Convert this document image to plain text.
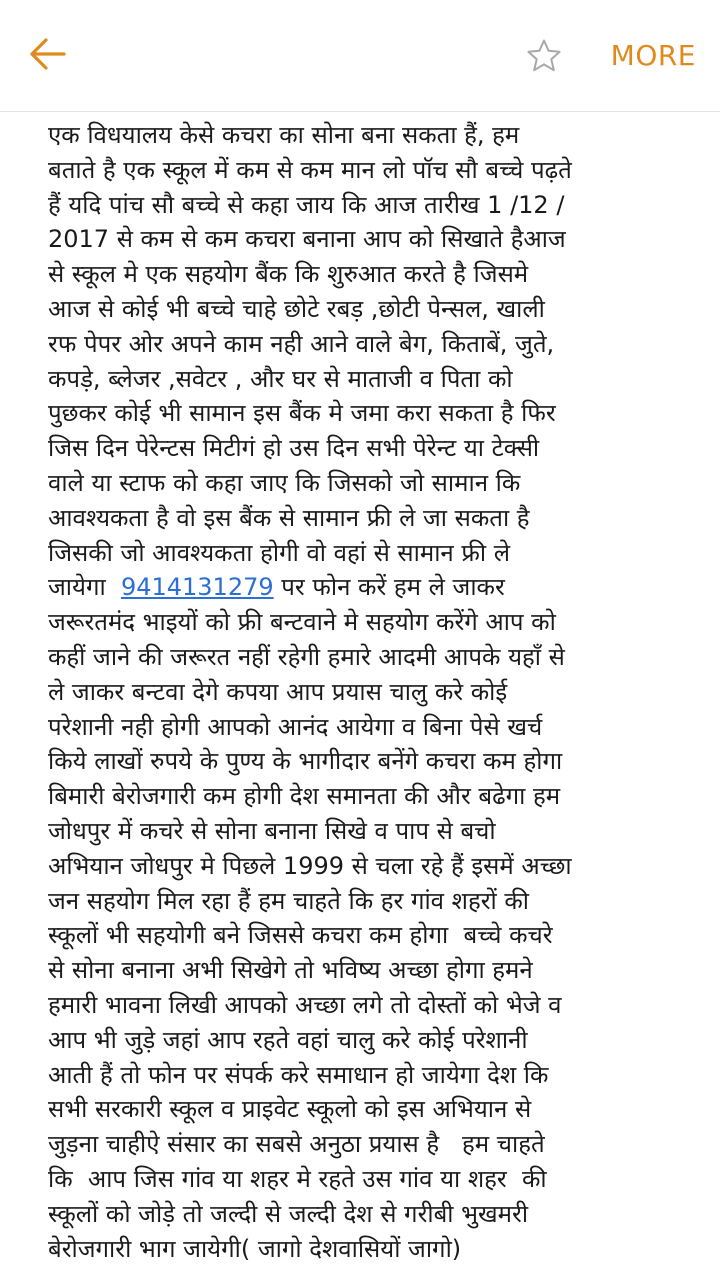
MORE
एक विधयालय केसे कचरा का सोना बना सकता हैं, हम
बताते है एक स्कूल में कम से कम मान लो पॉच सौ बच्चे पढ़ते
हैं यदि पांच सौ बच्चे से कहा जाय कि आज तारीख 1 /12 /
2017 से कम से कम कचरा बनाना आप को सिखाते हैआज
से स्कूल मे एक सहयोग बैंक कि शुरुआत करते है जिसमे
आज से कोई भी बच्चे चाहे छोटे रबड़ ,छोटी पेन्सल, खाली
रफ पेपर ओर अपने काम नही आने वाले बेग, किताबें, जुते,
कपड़े, ब्लेजर ,सवेटर , और घर से माताजी व पिता को
पुछकर कोई भी सामान इस बैंक मे जमा करा सकता है फिर
जिस दिन पेरेन्टस मिटीगं हो उस दिन सभी पेरेन्ट या टेक्सी
वाले या स्टाफ को कहा जाए कि जिसको जो सामान कि
आवश्यकता है वो इस बैंक से सामान फ्री ले जा सकता है
जिसकी जो आवश्यकता होगी वो वहां से सामान फ्री ले
जायेगा  9414131279 पर फोन करें हम ले जाकर
जरूरतमंद भाइयों को फ्री बन्टवाने मे सहयोग करेंगे आप को
कहीं जाने की जरूरत नहीं रहेगी हमारे आदमी आपके यहाँ से
ले जाकर बन्टवा देगे कपया आप प्रयास चालु करे कोई
परेशानी नही होगी आपको आनंद आयेगा व बिना पेसे खर्च
किये लाखों रुपये के पुण्य के भागीदार बनेंगे कचरा कम होगा
बिमारी बेरोजगारी कम होगी देश समानता की और बढेगा हम
जोधपुर में कचरे से सोना बनाना सिखे व पाप से बचो
अभियान जोधपुर मे पिछले 1999 से चला रहे हैं इसमें अच्छा
जन सहयोग मिल रहा हैं हम चाहते कि हर गांव शहरों की
स्कूलों भी सहयोगी बने जिससे कचरा कम होगा  बच्चे कचरे
से सोना बनाना अभी सिखेगे तो भविष्य अच्छा होगा हमने
हमारी भावना लिखी आपको अच्छा लगे तो दोस्तों को भेजे व
आप भी जुड़े जहां आप रहते वहां चालु करे कोई परेशानी
आती हैं तो फोन पर संपर्क करे समाधान हो जायेगा देश कि
सभी सरकारी स्कूल व प्राइवेट स्कूलो को इस अभियान से
जुड़ना चाहीऐ संसार का सबसे अनुठा प्रयास है   हम चाहते
कि  आप जिस गांव या शहर मे रहते उस गांव या शहर  की
स्कूलों को जोड़े तो जल्दी से जल्दी देश से गरीबी भुखमरी
बेरोजगारी भाग जायेगी( जागो देशवासियों जागो)
